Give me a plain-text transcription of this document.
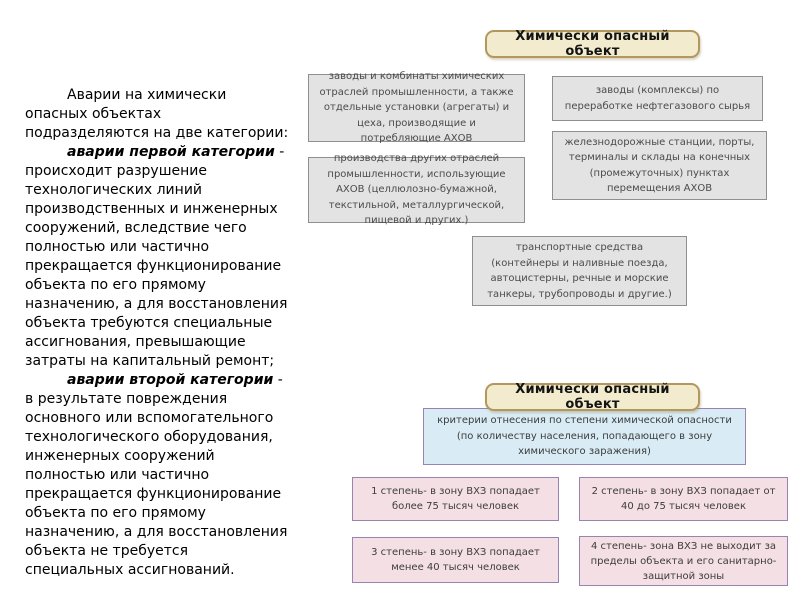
Аварии на химически опасных объектах подразделяются на две категории:

аварии первой категории - происходит разрушение технологических линий производственных и инженерных сооружений, вследствие чего полностью или частично прекращается функционирование объекта по его прямому назначению, а для восстановления объекта требуются специальные ассигнования, превышающие затраты на капитальный ремонт;

аварии второй категории - в результате повреждения основного или вспомогательного технологического оборудования, инженерных сооружений полностью или частично прекращается функционирование объекта по его прямому назначению, а для восстановления объекта не требуется специальных ассигнований.

Химически опасный объект
заводы и комбинаты химических отраслей промышленности, а также отдельные установки (агрегаты) и цеха, производящие и потребляющие АХОВ
заводы (комплексы) по переработке нефтегазового сырья
железнодорожные станции, порты, терминалы и склады на конечных (промежуточных) пунктах перемещения АХОВ
производства других отраслей промышленности, использующие АХОВ (целлюлозно-бумажной, текстильной, металлургической, пищевой и других.)
транспортные средства (контейнеры и наливные поезда, автоцистерны, речные и морские танкеры, трубопроводы и другие.)
Химически опасный объект
критерии отнесения по степени химической опасности (по количеству населения, попадающего в зону химического заражения)
1 степень- в зону ВХЗ попадает более 75 тысяч человек
2 степень- в зону ВХЗ попадает от 40 до 75 тысяч человек
3 степень- в зону ВХЗ попадает менее 40 тысяч человек
4 степень- зона ВХЗ не выходит за пределы объекта и его санитарно-защитной зоны
